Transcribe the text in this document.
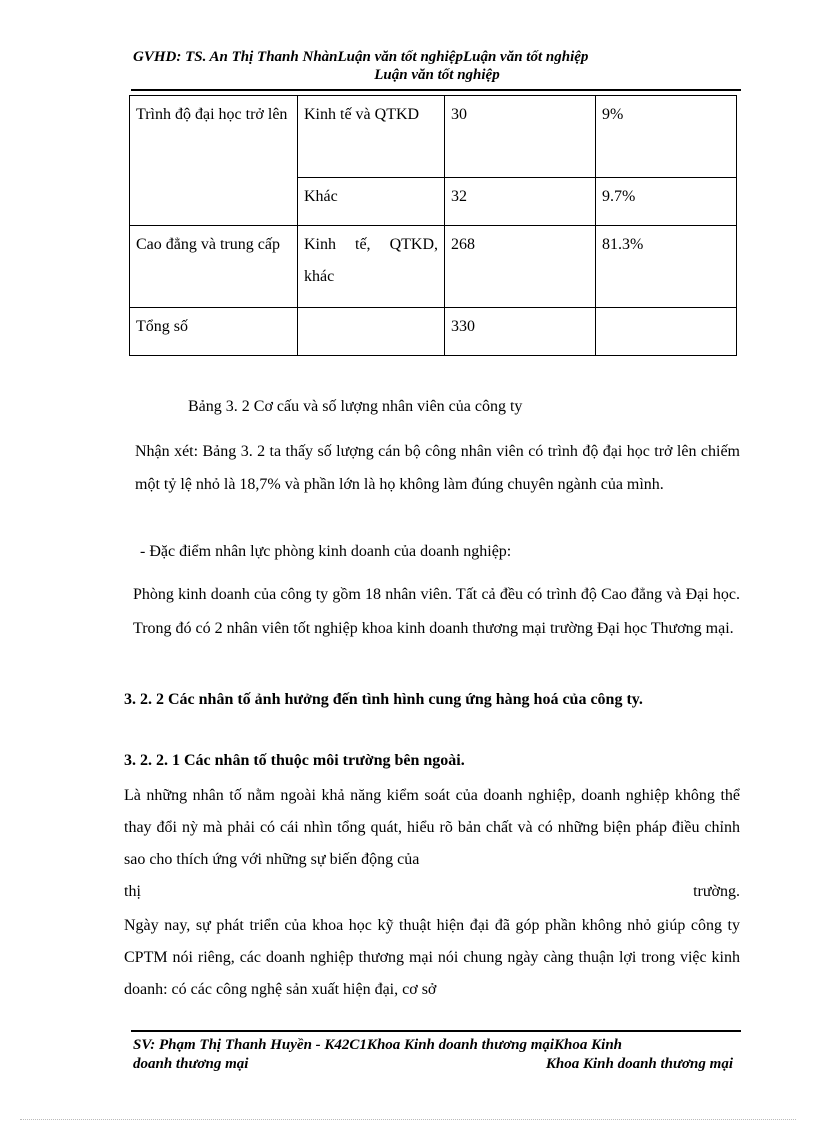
GVHD: TS. An Thị Thanh NhànLuận văn tốt nghiệpLuận văn tốt nghiệp
Luận văn tốt nghiệp
Trình độ đại học trở lên	Kinh tế và QTKD	30	9%
	Khác	32	9.7%
Cao đẳng và trung cấp	Kinh tế, QTKD, khác	268	81.3%
Tổng số		330	
Bảng 3. 2 Cơ cấu và số lượng nhân viên của công ty
Nhận xét: Bảng 3. 2 ta thấy số lượng cán bộ công nhân viên có trình độ đại học trở lên chiếm một tỷ lệ nhỏ là 18,7% và phần lớn là họ không làm đúng chuyên ngành của mình.
- Đặc điểm nhân lực phòng kinh doanh của doanh nghiệp:
Phòng kinh doanh của công ty gồm 18 nhân viên. Tất cả đều có trình độ Cao đẳng và Đại học. Trong đó có 2 nhân viên tốt nghiệp khoa kinh doanh thương mại trường Đại học Thương mại.
3. 2. 2 Các nhân tố ảnh hưởng đến tình hình cung ứng hàng hoá của công ty.
3. 2. 2. 1 Các nhân tố thuộc môi trường bên ngoài.
Là những nhân tố nằm ngoài khả năng kiểm soát của doanh nghiệp, doanh nghiệp không thể thay đổi nỳ mà phải có cái nhìn tổng quát, hiểu rõ bản chất và có những biện pháp điều chỉnh sao cho thích ứng với những sự biến động của
thị	trường.
Ngày nay, sự phát triển của khoa học kỹ thuật hiện đại đã góp phần không nhỏ giúp công ty CPTM nói riêng, các doanh nghiệp thương mại nói chung ngày càng thuận lợi trong việc kinh doanh: có các công nghệ sản xuất hiện đại, cơ sở
SV: Phạm Thị Thanh Huyền - K42C1Khoa Kinh doanh thương mạiKhoa Kinh
doanh thương mại	Khoa Kinh doanh thương mại
